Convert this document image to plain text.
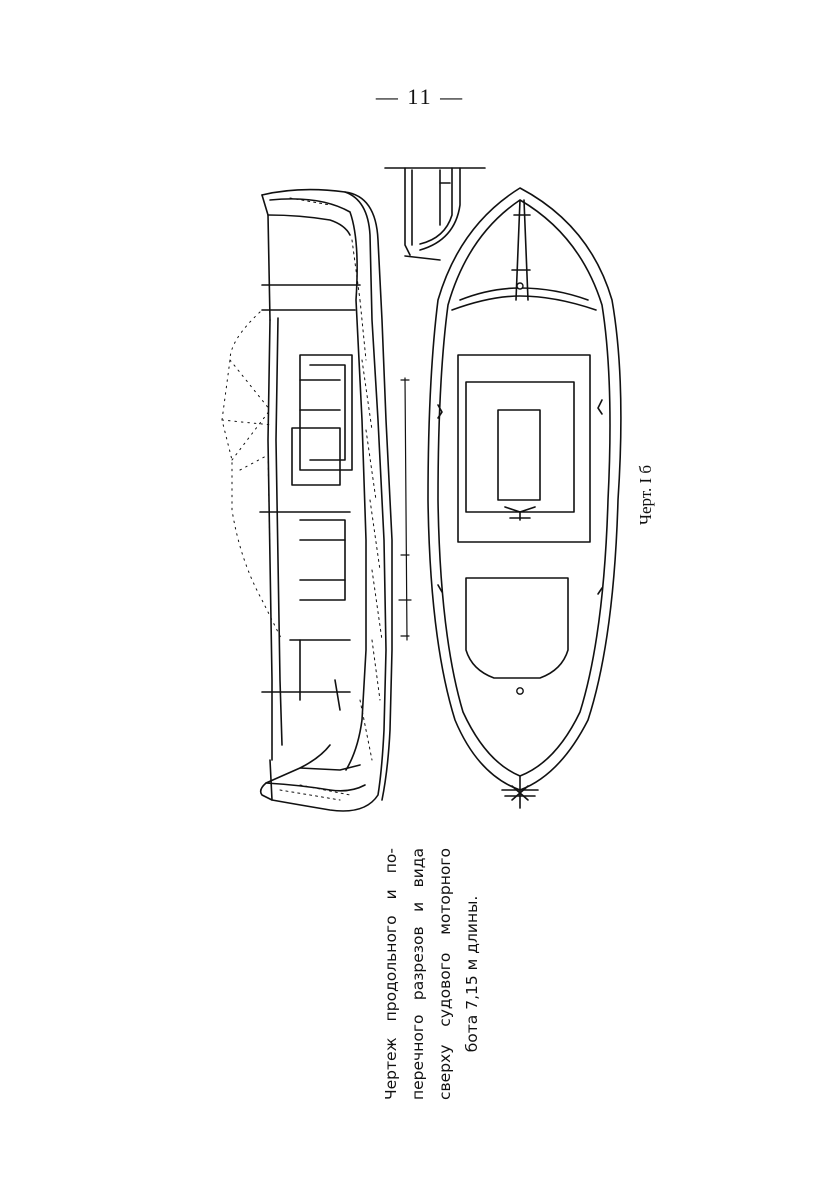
— 11 —
Черт. I б
Чертеж продольного и по- перечного разрезов и вида сверху судового моторного бота 7,15 м длины.
